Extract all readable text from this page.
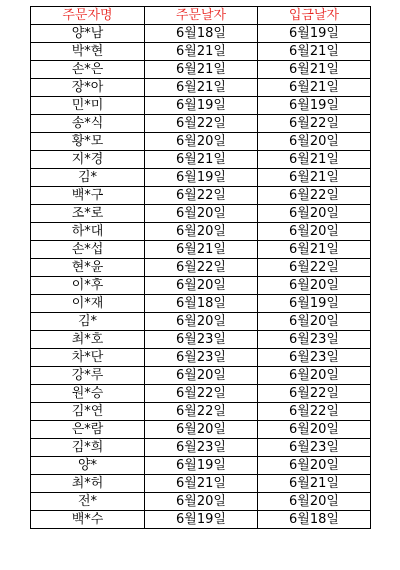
주문자명	주문날자	입금날자
양*남	6월18일	6월19일
박*현	6월21일	6월21일
손*은	6월21일	6월21일
장*아	6월21일	6월21일
민*미	6월19일	6월19일
송*식	6월22일	6월22일
황*모	6월20일	6월20일
지*경	6월21일	6월21일
김*	6월19일	6월21일
백*구	6월22일	6월22일
조*로	6월20일	6월20일
하*대	6월20일	6월20일
손*섭	6월21일	6월21일
현*윤	6월22일	6월22일
이*후	6월20일	6월20일
이*재	6월18일	6월19일
김*	6월20일	6월20일
최*호	6월23일	6월23일
차*단	6월23일	6월23일
강*루	6월20일	6월20일
원*승	6월22일	6월22일
김*연	6월22일	6월22일
은*람	6월20일	6월20일
김*희	6월23일	6월23일
양*	6월19일	6월20일
최*허	6월21일	6월21일
전*	6월20일	6월20일
백*수	6월19일	6월18일
